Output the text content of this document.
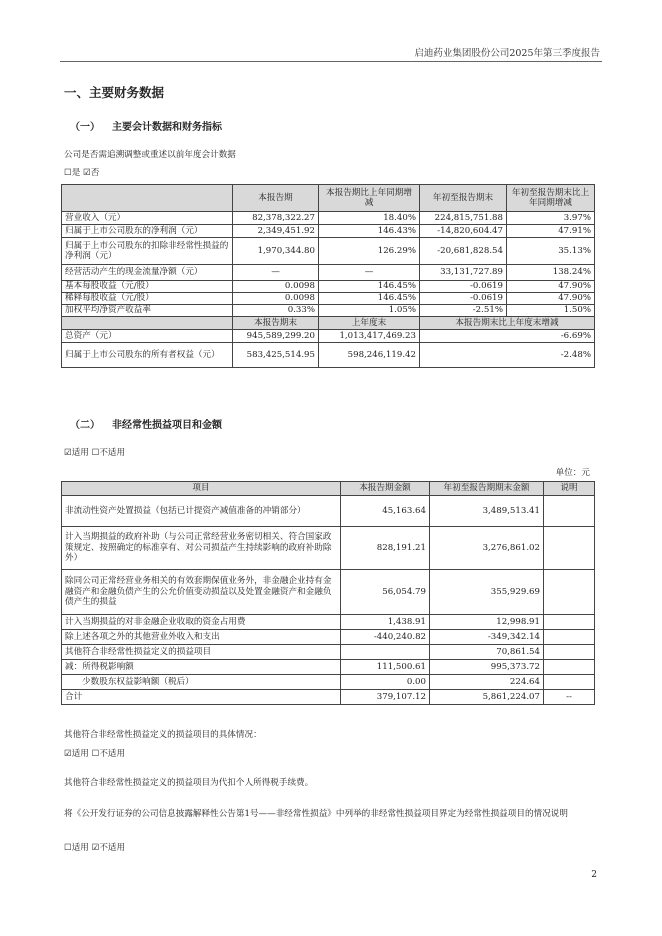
启迪药业集团股份公司2025年第三季度报告
一、主要财务数据
（一） 主要会计数据和财务指标
公司是否需追溯调整或重述以前年度会计数据
☐是 ☑否
	本报告期	本报告期比上年同期增减	年初至报告期末	年初至报告期末比上年同期增减
营业收入（元）	82,378,322.27	18.40%	224,815,751.88	3.97%
归属于上市公司股东的净利润（元）	2,349,451.92	146.43%	-14,820,604.47	47.91%
归属于上市公司股东的扣除非经常性损益的净利润（元）	1,970,344.80	126.29%	-20,681,828.54	35.13%
经营活动产生的现金流量净额（元）	—	—	33,131,727.89	138.24%
基本每股收益（元/股）	0.0098	146.45%	-0.0619	47.90%
稀释每股收益（元/股）	0.0098	146.45%	-0.0619	47.90%
加权平均净资产收益率	0.33%	1.05%	-2.51%	1.50%
	本报告期末	上年度末	本报告期末比上年度末增减	
总资产（元）	945,589,299.20	1,013,417,469.23	-6.69%	
归属于上市公司股东的所有者权益（元）	583,425,514.95	598,246,119.42	-2.48%	
（二） 非经常性损益项目和金额
☑适用 ☐不适用
单位：元
项目	本报告期金额	年初至报告期期末金额	说明
非流动性资产处置损益（包括已计提资产减值准备的冲销部分）	45,163.64	3,489,513.41	
计入当期损益的政府补助（与公司正常经营业务密切相关、符合国家政策规定、按照确定的标准享有、对公司损益产生持续影响的政府补助除外）	828,191.21	3,276,861.02	
除同公司正常经营业务相关的有效套期保值业务外，非金融企业持有金融资产和金融负债产生的公允价值变动损益以及处置金融资产和金融负债产生的损益	56,054.79	355,929.69	
计入当期损益的对非金融企业收取的资金占用费	1,438.91	12,998.91	
除上述各项之外的其他营业外收入和支出	-440,240.82	-349,342.14	
其他符合非经常性损益定义的损益项目		70,861.54	
减：所得税影响额	111,500.61	995,373.72	
少数股东权益影响额（税后）	0.00	224.64	
合计	379,107.12	5,861,224.07	--
其他符合非经常性损益定义的损益项目的具体情况：
☑适用 ☐不适用
其他符合非经常性损益定义的损益项目为代扣个人所得税手续费。
将《公开发行证券的公司信息披露解释性公告第1号——非经常性损益》中列举的非经常性损益项目界定为经常性损益项目的情况说明
☐适用 ☑不适用
2
